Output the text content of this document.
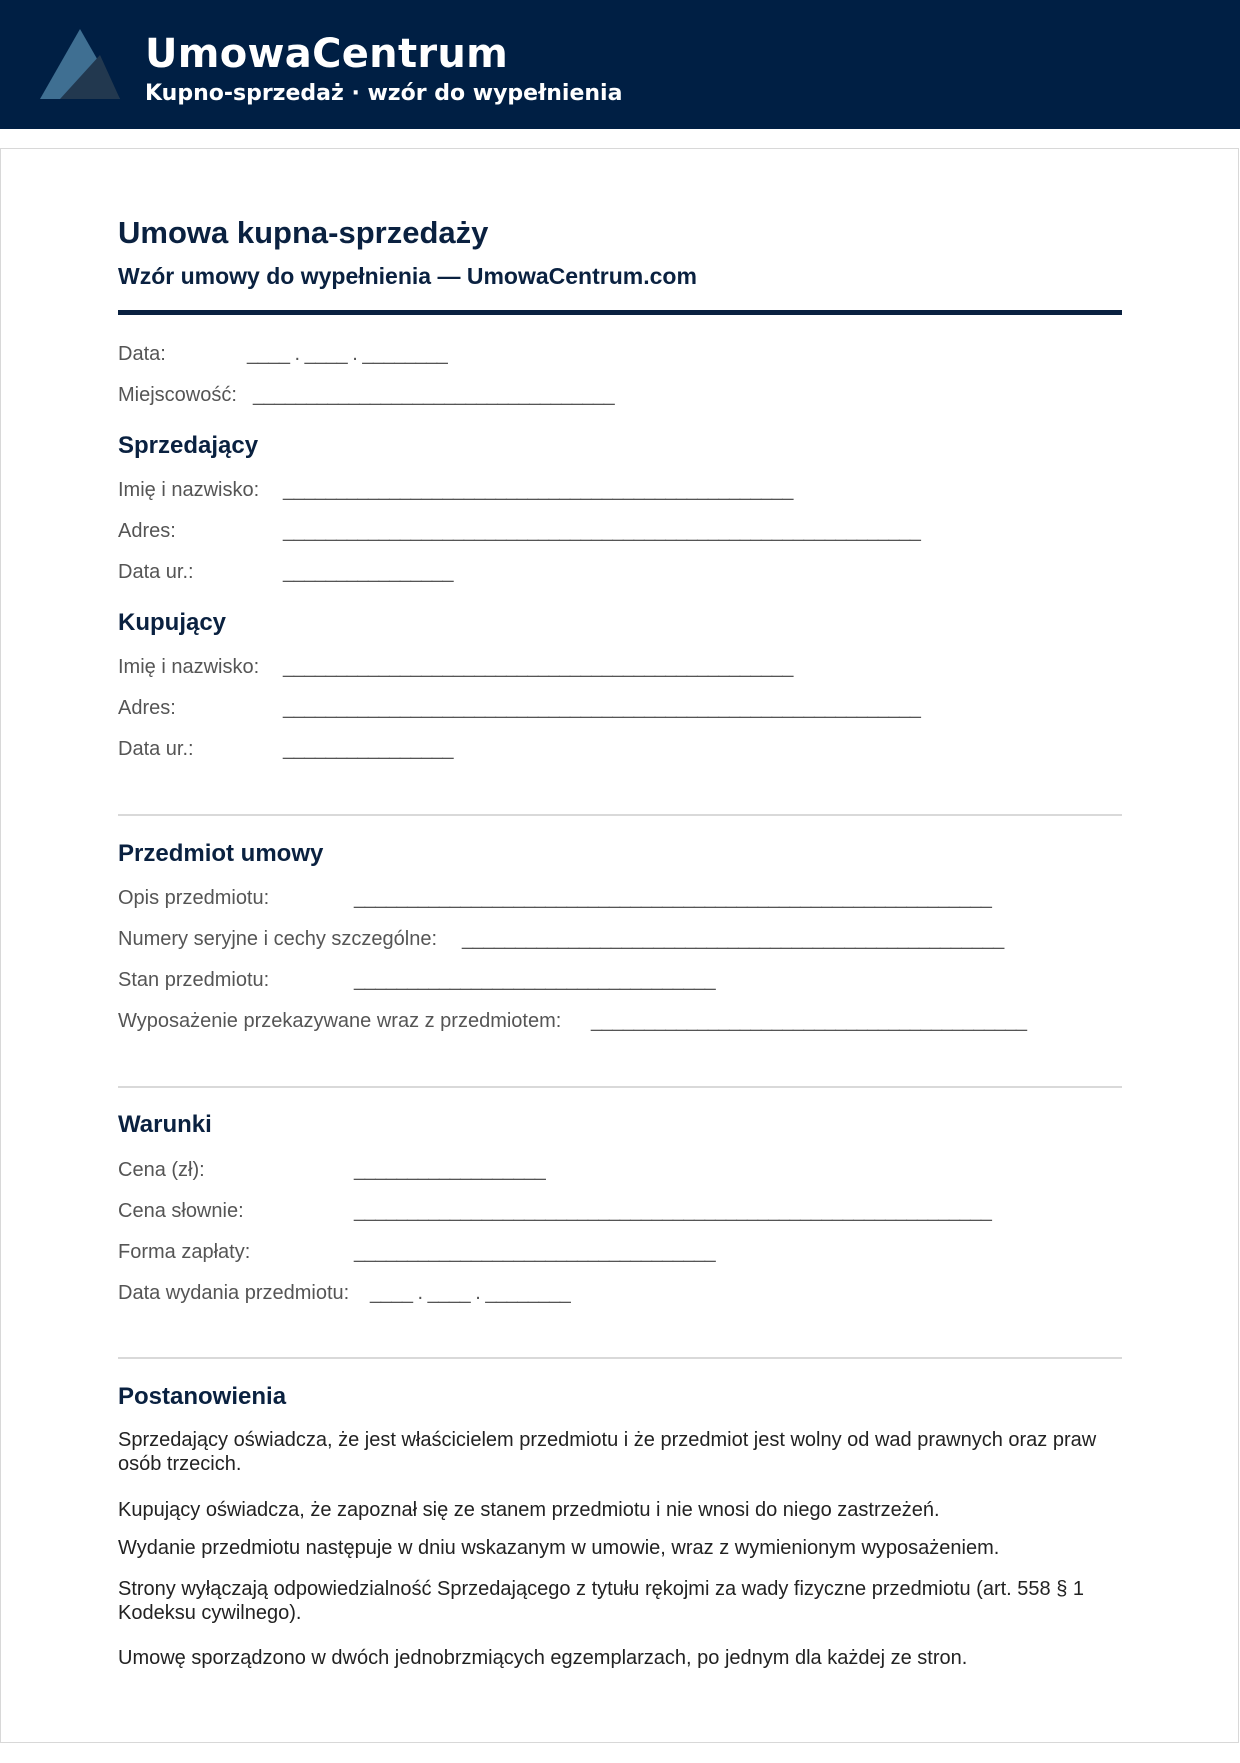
UmowaCentrum
Kupno-sprzedaż · wzór do wypełnienia
Umowa kupna-sprzedaży
Wzór umowy do wypełnienia — UmowaCentrum.com
Data:	____ . ____ . ________
Miejscowość: __________________________________
Sprzedający
Imię i nazwisko: ________________________________________________
Adres:	____________________________________________________________
Data ur.:	________________
Kupujący
Imię i nazwisko: ________________________________________________
Adres:	____________________________________________________________
Data ur.:	________________
Przedmiot umowy
Opis przedmiotu:	____________________________________________________________
Numery seryjne i cechy szczególne: ___________________________________________________
Stan przedmiotu:	__________________________________
Wyposażenie przekazywane wraz z przedmiotem: _________________________________________
Warunki
Cena (zł):	__________________
Cena słownie:	____________________________________________________________
Forma zapłaty:	__________________________________
Data wydania przedmiotu: ____ . ____ . ________
Postanowienia
Sprzedający oświadcza, że jest właścicielem przedmiotu i że przedmiot jest wolny od wad prawnych oraz praw osób trzecich.
Kupujący oświadcza, że zapoznał się ze stanem przedmiotu i nie wnosi do niego zastrzeżeń.
Wydanie przedmiotu następuje w dniu wskazanym w umowie, wraz z wymienionym wyposażeniem.
Strony wyłączają odpowiedzialność Sprzedającego z tytułu rękojmi za wady fizyczne przedmiotu (art. 558 § 1 Kodeksu cywilnego).
Umowę sporządzono w dwóch jednobrzmiących egzemplarzach, po jednym dla każdej ze stron.
